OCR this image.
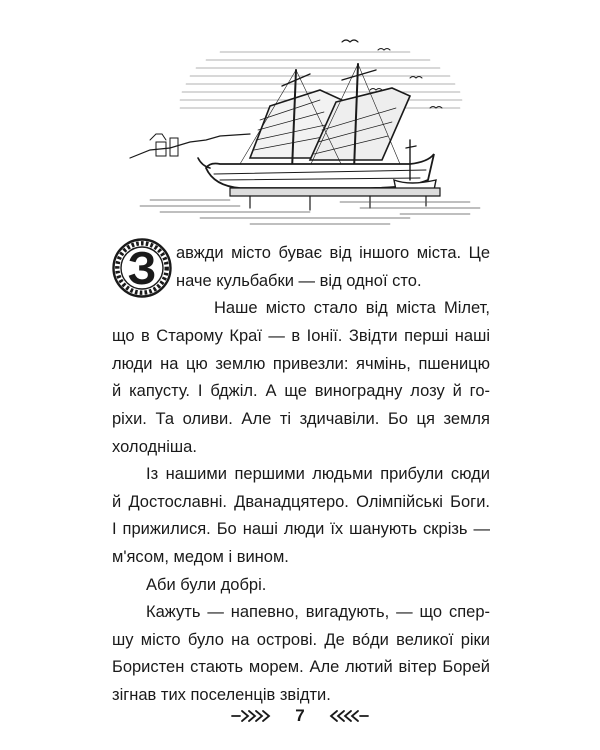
З	авжди місто буває від іншого міста. Це
наче кульбабки — від одної сто.
Наше місто стало від міста Мілет,
що в Старому Краї — в Іонії. Звідти перші наші
люди на цю землю привезли: ячмінь, пшеницю
й капусту. І бджіл. А ще виноградну лозу й го-
ріхи. Та оливи. Але ті здичавіли. Бо ця земля
холодніша.
Із нашими першими людьми прибули сюди
й Достославні. Дванадцятеро. Олімпійські Боги.
І прижилися. Бо наші люди їх шанують скрізь —
м'ясом, медом і вином.
Аби були добрі.
Кажуть — напевно, вигадують, — що спер-
шу місто було на острові. Де вóди великої ріки
Бористен стають морем. Але лютий вітер Борей
зігнав тих поселенців звідти.
7
